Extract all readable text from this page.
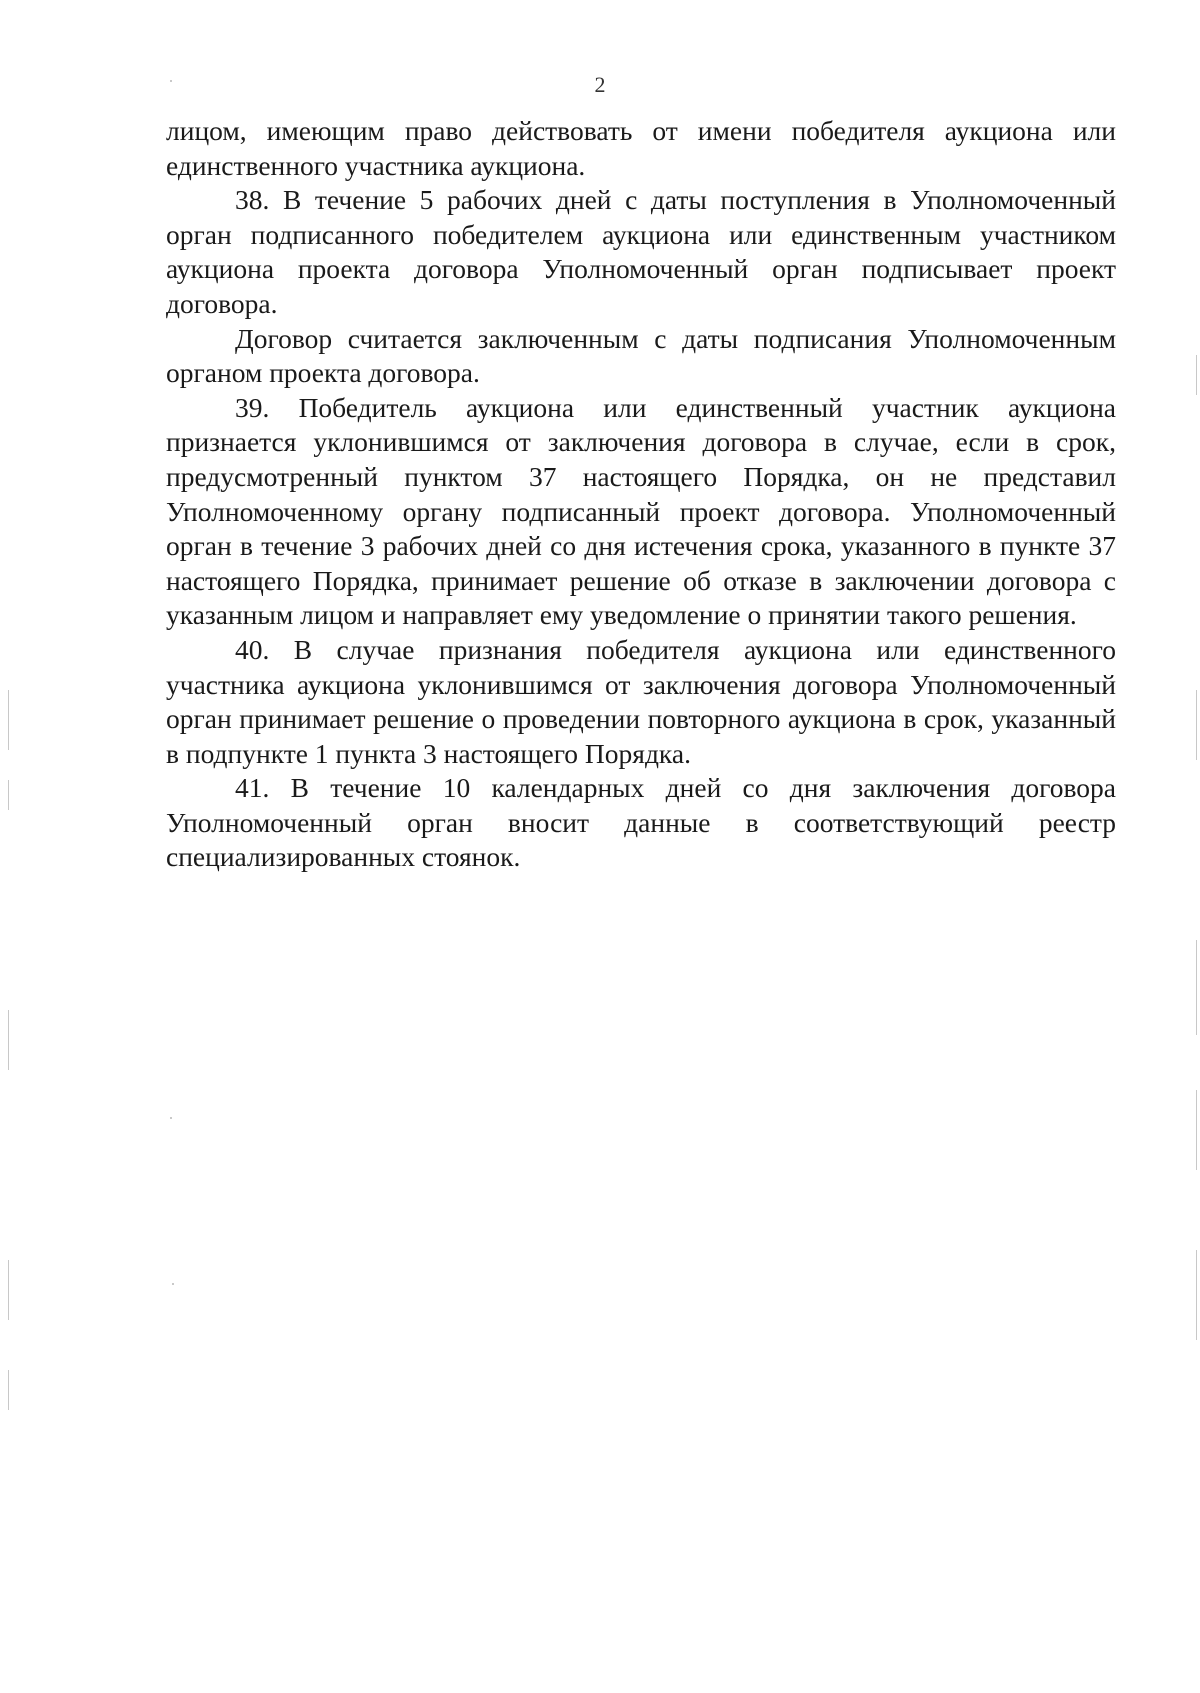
2

лицом, имеющим право действовать от имени победителя аукциона или единственного участника аукциона.

38. В течение 5 рабочих дней с даты поступления в Уполномоченный орган подписанного победителем аукциона или единственным участником аукциона проекта договора Уполномоченный орган подписывает проект договора.

Договор считается заключенным с даты подписания Уполномоченным органом проекта договора.

39. Победитель аукциона или единственный участник аукциона признается уклонившимся от заключения договора в случае, если в срок, предусмотренный пунктом 37 настоящего Порядка, он не представил Уполномоченному органу подписанный проект договора. Уполномоченный орган в течение 3 рабочих дней со дня истечения срока, указанного в пункте 37 настоящего Порядка, принимает решение об отказе в заключении договора с указанным лицом и направляет ему уведомление о принятии такого решения.

40. В случае признания победителя аукциона или единственного участника аукциона уклонившимся от заключения договора Уполномоченный орган принимает решение о проведении повторного аукциона в срок, указанный в подпункте 1 пункта 3 настоящего Порядка.

41. В течение 10 календарных дней со дня заключения договора Уполномоченный орган вносит данные в соответствующий реестр специализированных стоянок.
